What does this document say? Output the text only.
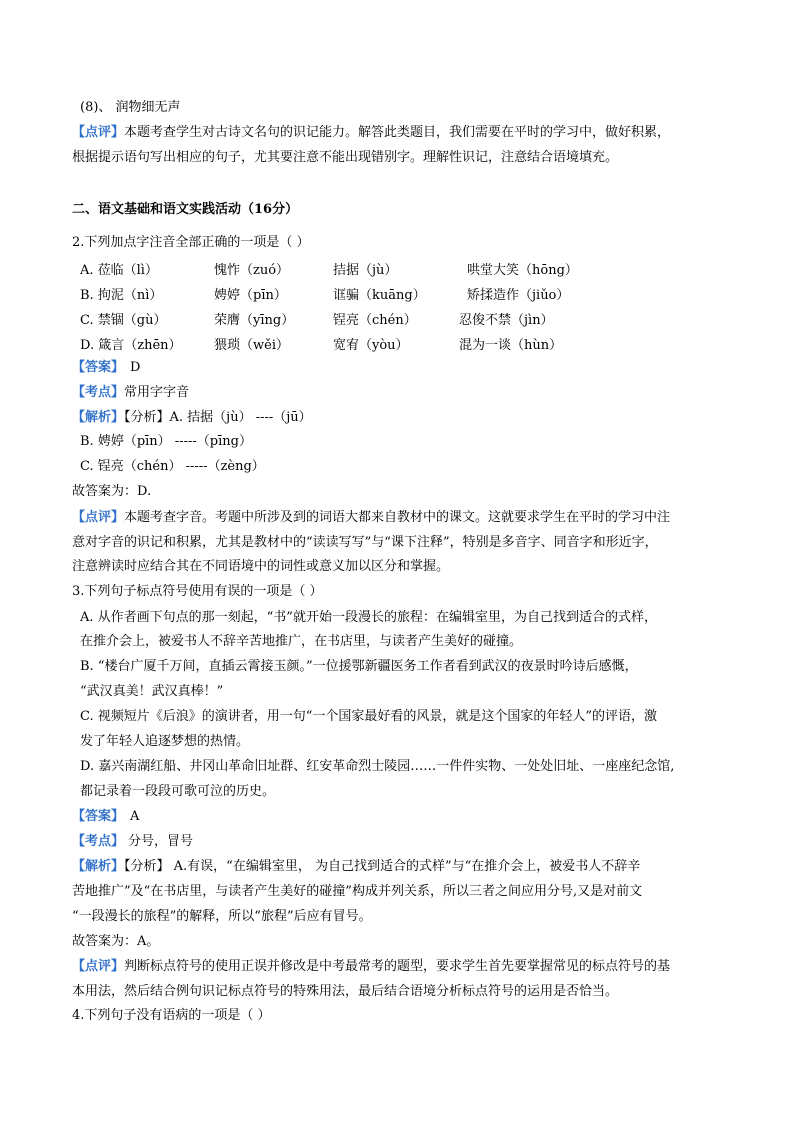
(8)、 润物细无声
【点评】本题考查学生对古诗文名句的识记能力。解答此类题目，我们需要在平时的学习中，做好积累，
根据提示语句写出相应的句子，尤其要注意不能出现错别字。理解性识记，注意结合语境填充。
二、语文基础和语文实践活动（16分）
2.下列加点字注音全部正确的一项是（ ）
A. 莅临（lì）	愧怍（zuó）	拮据（jù）	哄堂大笑（hōng）
B. 拘泥（nì）	娉婷（pīn）	诓骗（kuāng）	矫揉造作（jiǔo）
C. 禁锢（gù）	荣膺（yīng）	锃亮（chén）	忍俊不禁（jìn）
D. 箴言（zhēn） 猥琐（wěi）	宽宥（yòu）	混为一谈（hùn）
【答案】 D
【考点】常用字字音
【解析】【分析】A. 拮据（jù） ----（jū）
B. 娉婷（pīn） -----（pīng）
C. 锃亮（chén） -----（zèng）
故答案为：D.
【点评】本题考查字音。考题中所涉及到的词语大都来自教材中的课文。这就要求学生在平时的学习中注
意对字音的识记和积累，尤其是教材中的“读读写写”与“课下注释”，特别是多音字、同音字和形近字，
注意辨读时应结合其在不同语境中的词性或意义加以区分和掌握。
3.下列句子标点符号使用有误的一项是（ ）
A. 从作者画下句点的那一刻起，“书”就开始一段漫长的旅程：在编辑室里，为自己找到适合的式样，
在推介会上，被爱书人不辞辛苦地推广，在书店里，与读者产生美好的碰撞。
B. “楼台广厦千万间，直插云霄接玉颜。”一位援鄂新疆医务工作者看到武汉的夜景时吟诗后感慨，
“武汉真美！武汉真棒！”
C. 视频短片《后浪》的演讲者，用一句“一个国家最好看的风景，就是这个国家的年轻人”的评语，激
发了年轻人追逐梦想的热情。
D. 嘉兴南湖红船、井冈山革命旧址群、红安革命烈士陵园……一件件实物、一处处旧址、一座座纪念馆,
都记录着一段段可歌可泣的历史。
【答案】 A
【考点】 分号，冒号
【解析】【分析】 A.有误，“在编辑室里， 为自己找到适合的式样”与“在推介会上，被爱书人不辞辛
苦地推广”及“在书店里，与读者产生美好的碰撞”构成并列关系，所以三者之间应用分号,又是对前文
“一段漫长的旅程”的解释，所以“旅程”后应有冒号。
故答案为：A。
【点评】判断标点符号的使用正误并修改是中考最常考的题型，要求学生首先要掌握常见的标点符号的基
本用法，然后结合例句识记标点符号的特殊用法，最后结合语境分析标点符号的运用是否恰当。
4.下列句子没有语病的一项是（ ）
